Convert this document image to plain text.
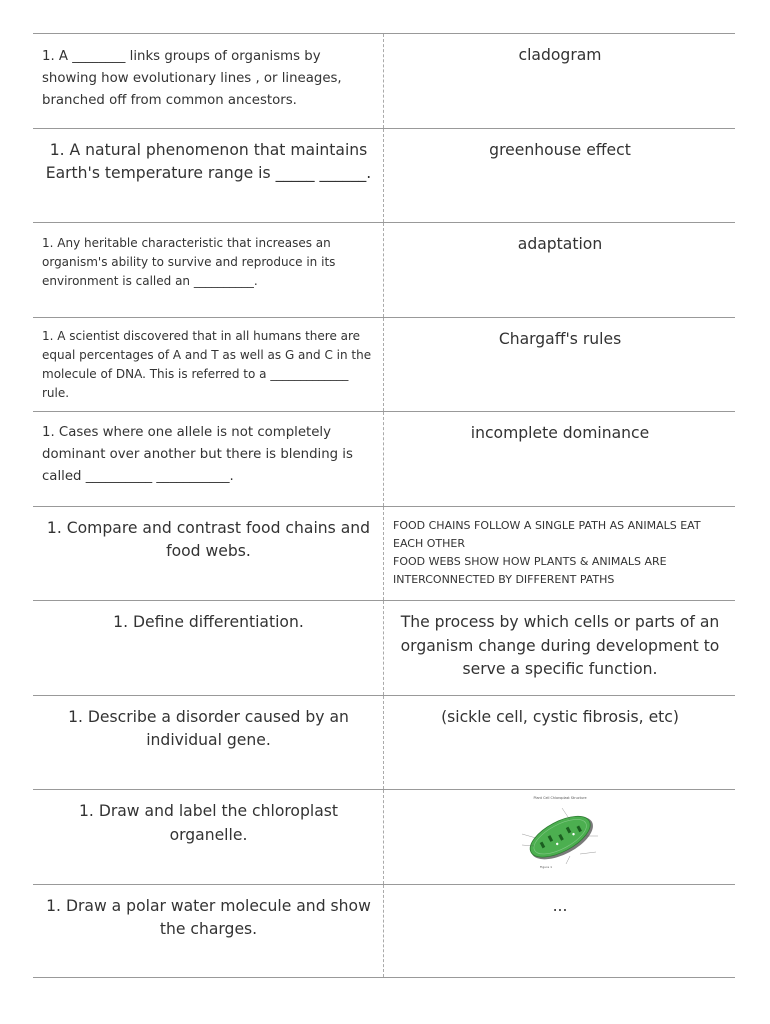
1. A ________ links groups of organisms by showing how evolutionary lines , or lineages, branched off from common ancestors.
cladogram
1. A natural phenomenon that maintains Earth's temperature range is _____ ______.
greenhouse effect
1. Any heritable characteristic that increases an organism's ability to survive and reproduce in its environment is called an __________.
adaptation
1. A scientist discovered that in all humans there are equal percentages of A and T as well as G and C in the molecule of DNA. This is referred to a _____________ rule.
Chargaff's rules
1. Cases where one allele is not completely dominant over another but there is blending is called __________ ___________.
incomplete dominance
1. Compare and contrast food chains and food webs.
FOOD CHAINS FOLLOW A SINGLE PATH AS ANIMALS EAT EACH OTHER
FOOD WEBS SHOW HOW PLANTS & ANIMALS ARE INTERCONNECTED BY DIFFERENT PATHS
1. Define differentiation.	The process by which cells or parts of an organism change during development to serve a specific function.
1. Describe a disorder caused by an individual gene.
(sickle cell, cystic fibrosis, etc)
1. Draw and label the chloroplast organelle.
Plant Cell Chloroplast Structure
Figure 1
1. Draw a polar water molecule and show the charges.
...
